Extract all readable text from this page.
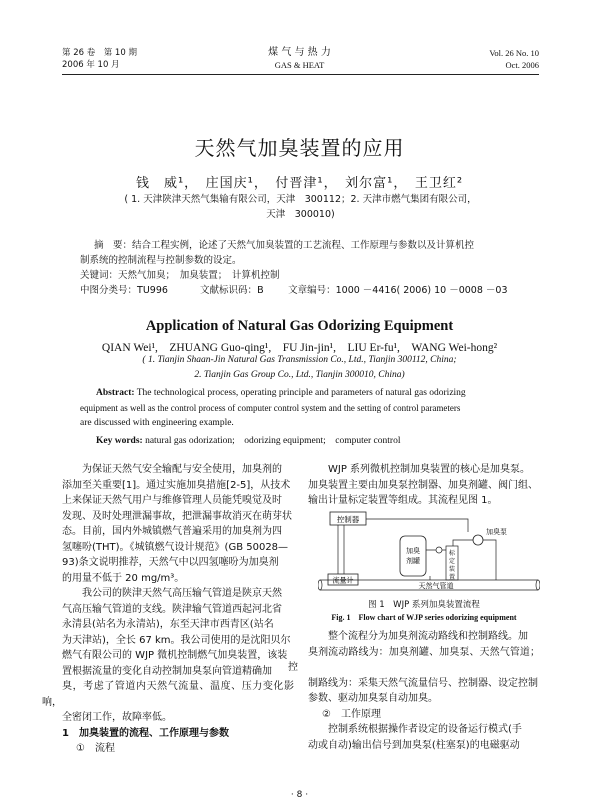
第 26 卷　第 10 期
2006 年 10 月
煤 气 与 热 力
GAS & HEAT
Vol. 26 No. 10
Oct. 2006
天然气加臭装置的应用
钱　威¹，　庄国庆¹，　付晋津¹，　刘尔富¹，　王卫红²
( 1. 天津陕津天然气集输有限公司，天津　300112；2. 天津市燃气集团有限公司，
天津　300010)
摘　要：结合工程实例，论述了天然气加臭装置的工艺流程、工作原理与参数以及计算机控
制系统的控制流程与控制参数的设定。
关键词：天然气加臭；　加臭装置；　计算机控制
中图分类号：TU996	文献标识码：B	文章编号：1000 －4416( 2006) 10 －0008 －03
Application of Natural Gas Odorizing Equipment
QIAN Wei¹,　ZHUANG Guo-qing¹,　FU Jin-jin¹,　LIU Er-fu¹,　WANG Wei-hong²
( 1. Tianjin Shaan-Jin Natural Gas Transmission Co., Ltd., Tianjin 300112, China;
2. Tianjin Gas Group Co., Ltd., Tianjin 300010, China)
Abstract: The technological process, operating principle and parameters of natural gas odorizing
equipment as well as the control process of computer control system and the setting of control parameters
are discussed with engineering example.
Key words: natural gas odorization;　odorizing equipment;　computer control

为保证天然气安全输配与安全使用，加臭剂的
添加至关重要[1]。通过实施加臭措施[2-5]，从技术
上来保证天然气用户与维修管理人员能凭嗅觉及时
发现、及时处理泄漏事故，把泄漏事故消灭在萌芽状
态。目前，国内外城镇燃气普遍采用的加臭剂为四
氢噻吩(THT)。《城镇燃气设计规范》(GB 50028—
93)条文说明推荐，天然气中以四氢噻吩为加臭剂
的用量不低于 20 mg/m³。

我公司的陕津天然气高压输气管道是陕京天然
气高压输气管道的支线。陕津输气管道西起河北省
永清县(站名为永清站)，东至天津市西青区(站名
为天津站)，全长 67 km。我公司使用的是沈阳贝尔
燃气有限公司的 WJP 微机控制燃气加臭装置，该装
置根据流量的变化自动控制加臭泵向管道精确加
臭，考虑了管道内天然气流量、温度、压力变化影响，
全密闭工作，故障率低。

1　加臭装置的流程、工作原理与参数

①　流程

WJP 系列微机控制加臭装置的核心是加臭泵。
加臭装置主要由加臭泵控制器、加臭剂罐、阀门组、
输出计量标定装置等组成。其流程见图 1。

控制器
流量计
加臭
剂罐
标
定
装
置
加臭泵
天然气管道
图 1　WJP 系列加臭装置流程
Fig. 1　Flow chart of WJP series odorizing equipment

整个流程分为加臭剂流动路线和控制路线。加
臭剂流动路线为：加臭剂罐、加臭泵、天然气管道；控
制路线为：采集天然气流量信号、控制器、设定控制
参数、驱动加臭泵自动加臭。

②　工作原理

控制系统根据操作者设定的设备运行模式(手
动或自动)输出信号到加臭泵(柱塞泵)的电磁驱动

· 8 ·
